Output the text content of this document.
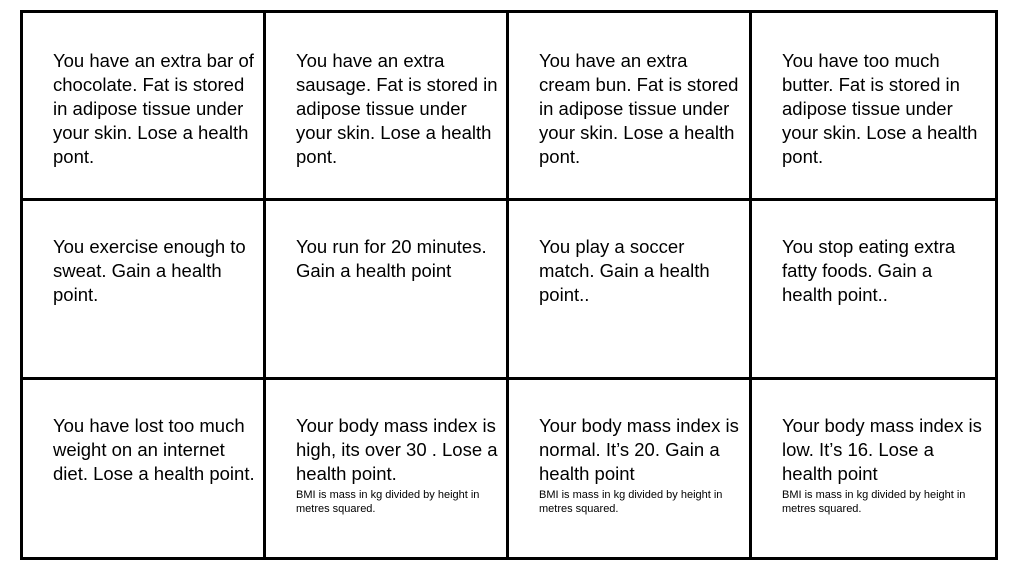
You have an extra bar of chocolate. Fat is stored in adipose tissue under your skin. Lose a health pont.

You have an extra sausage. Fat is stored in adipose tissue under your skin. Lose a health pont.

You have an extra cream bun. Fat is stored in adipose tissue under your skin. Lose a health pont.

You have too much butter. Fat is stored in adipose tissue under your skin. Lose a health pont.

You exercise enough to sweat. Gain a health point.

You run for 20 minutes. Gain a health point

You play a soccer match. Gain a health point..

You stop eating extra fatty foods. Gain a health point..

You have lost too much weight on an internet diet. Lose a health point.

Your body mass index is high, its over 30 . Lose a health point.

BMI is mass in kg divided by height in metres squared.

Your body mass index is normal. It’s 20. Gain a health point

BMI is mass in kg divided by height in metres squared.

Your body mass index is low. It’s 16. Lose a health point

BMI is mass in kg divided by height in metres squared.
